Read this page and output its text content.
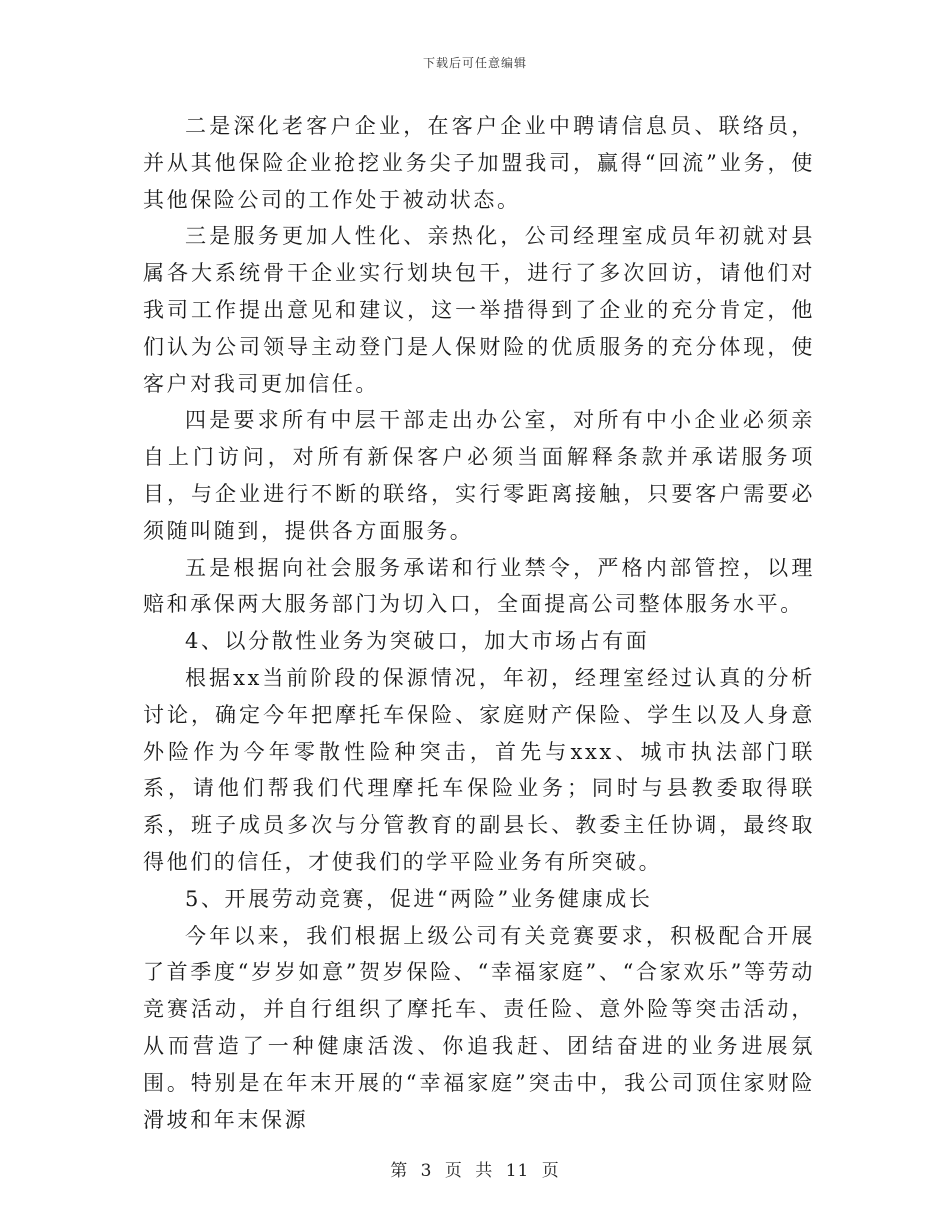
下载后可任意编辑

二是深化老客户企业，在客户企业中聘请信息员、联络员，并从其他保险企业抢挖业务尖子加盟我司，赢得“回流”业务，使其他保险公司的工作处于被动状态。

三是服务更加人性化、亲热化，公司经理室成员年初就对县属各大系统骨干企业实行划块包干，进行了多次回访，请他们对我司工作提出意见和建议，这一举措得到了企业的充分肯定，他们认为公司领导主动登门是人保财险的优质服务的充分体现，使客户对我司更加信任。

四是要求所有中层干部走出办公室，对所有中小企业必须亲自上门访问，对所有新保客户必须当面解释条款并承诺服务项目，与企业进行不断的联络，实行零距离接触，只要客户需要必须随叫随到，提供各方面服务。

五是根据向社会服务承诺和行业禁令，严格内部管控，以理赔和承保两大服务部门为切入口，全面提高公司整体服务水平。

4、以分散性业务为突破口，加大市场占有面

根据xx当前阶段的保源情况，年初，经理室经过认真的分析讨论，确定今年把摩托车保险、家庭财产保险、学生以及人身意外险作为今年零散性险种突击，首先与xxx、城市执法部门联系，请他们帮我们代理摩托车保险业务；同时与县教委取得联系，班子成员多次与分管教育的副县长、教委主任协调，最终取得他们的信任，才使我们的学平险业务有所突破。

5、开展劳动竞赛，促进“两险”业务健康成长

今年以来，我们根据上级公司有关竞赛要求，积极配合开展了首季度“岁岁如意”贺岁保险、“幸福家庭”、“合家欢乐”等劳动竞赛活动，并自行组织了摩托车、责任险、意外险等突击活动，从而营造了一种健康活泼、你追我赶、团结奋进的业务进展氛围。特别是在年末开展的“幸福家庭”突击中，我公司顶住家财险滑坡和年末保源

第 3 页 共 11 页
